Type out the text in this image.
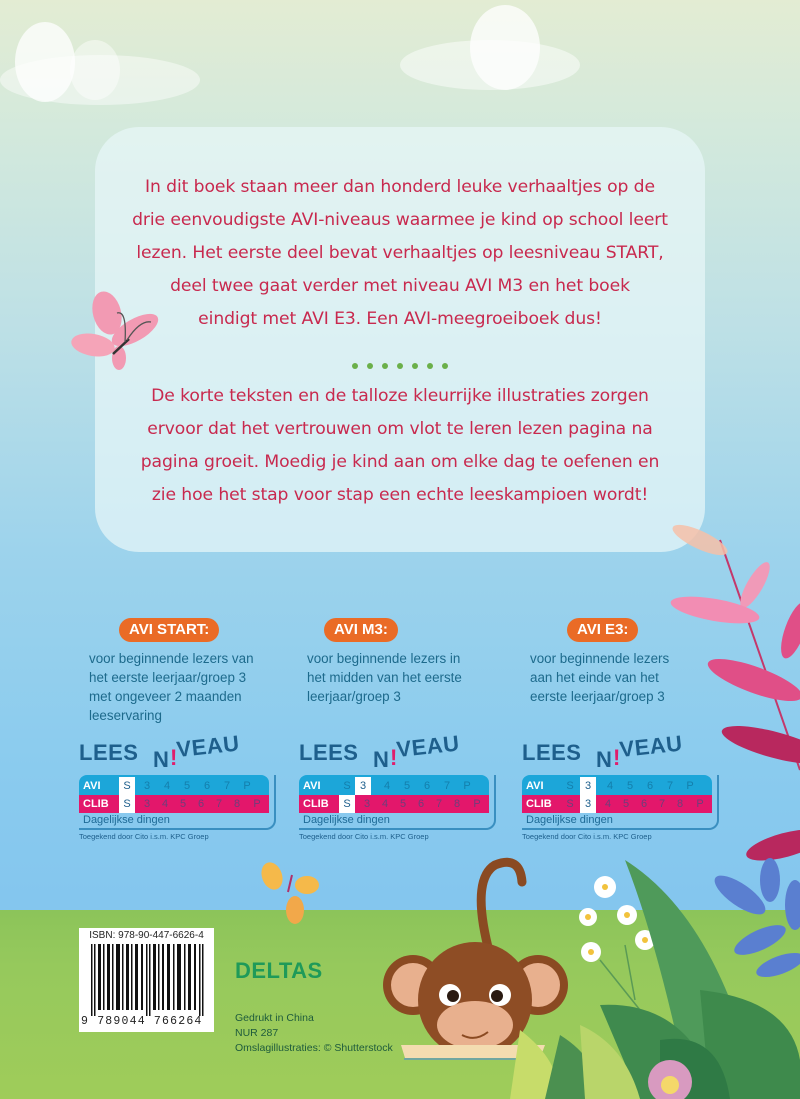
In dit boek staan meer dan honderd leuke verhaaltjes op de
drie eenvoudigste AVI-niveaus waarmee je kind op school leert
lezen. Het eerste deel bevat verhaaltjes op leesniveau START,
deel twee gaat verder met niveau AVI M3 en het boek
eindigt met AVI E3. Een AVI-meegroeiboek dus!
De korte teksten en de talloze kleurrijke illustraties zorgen
ervoor dat het vertrouwen om vlot te leren lezen pagina na
pagina groeit. Moedig je kind aan om elke dag te oefenen en
zie hoe het stap voor stap een echte leeskampioen wordt!
AVI START:
voor beginnende lezers van
het eerste leerjaar/groep 3
met ongeveer 2 maanden
leeservaring
LEES N !
VEAU
AVI	S	3	4	5	6	7	P
CLIB	S	3	4	5	6	7	8	P
Dagelijkse dingen
Toegekend door Cito i.s.m. KPC Groep
AVI M3:
voor beginnende lezers in
het midden van het eerste
leerjaar/groep 3
LEES N !
VEAU
AVI	S 3	4	5	6	7	P
CLIB	S	3	4	5	6	7	8	P
Dagelijkse dingen
Toegekend door Cito i.s.m. KPC Groep
AVI E3:
voor beginnende lezers
aan het einde van het
eerste leerjaar/groep 3
LEES N !
VEAU
AVI	S	3	4	5	6	7	P
CLIB	S	3	4	5	6	7	8	P
Dagelijkse dingen
Toegekend door Cito i.s.m. KPC Groep
ISBN: 978-90-447-6626-4
9 789044 766264
DELTAS
Gedrukt in China
NUR 287
Omslagillustraties: © Shutterstock
